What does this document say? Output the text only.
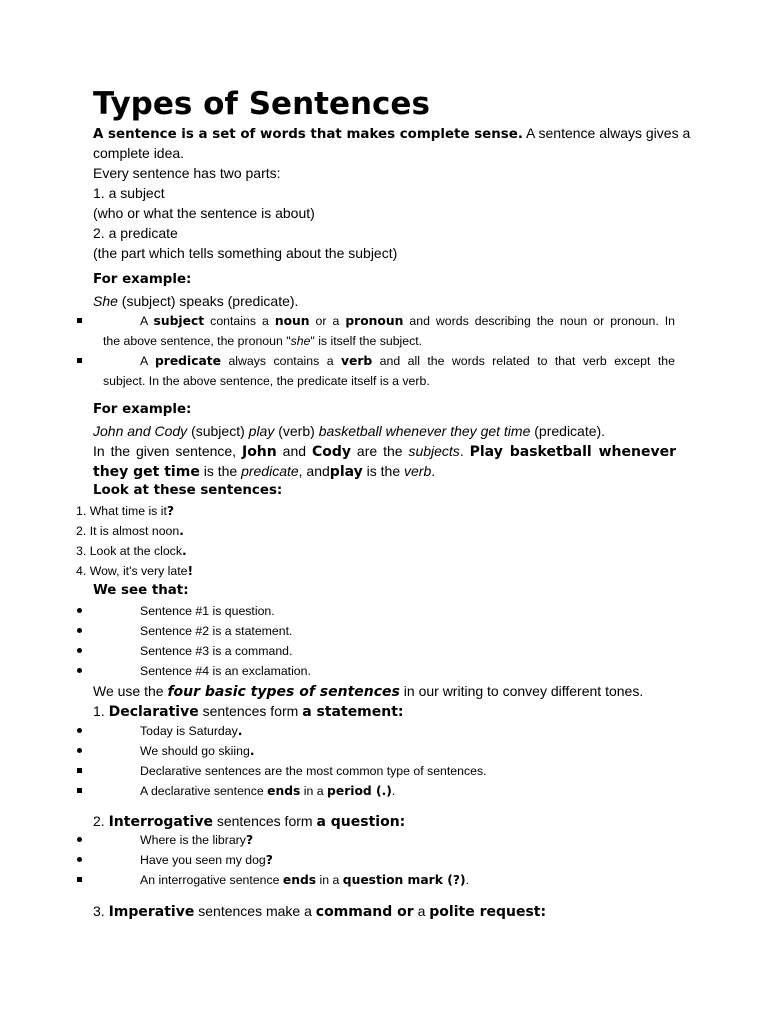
Types of Sentences
A sentence is a set of words that makes complete sense. A sentence always gives a
complete idea.
Every sentence has two parts:
1. a subject
(who or what the sentence is about)
2. a predicate
(the part which tells something about the subject)
For example:
She (subject) speaks (predicate).
A subject contains a noun or a pronoun and words describing the noun or pronoun. In
the above sentence, the pronoun "she" is itself the subject.
A predicate always contains a verb and all the words related to that verb except the
subject. In the above sentence, the predicate itself is a verb.
For example:
John and Cody (subject) play (verb) basketball whenever they get time (predicate).
In the given sentence, John and Cody are the subjects. Play basketball whenever
they get time is the predicate, andplay is the verb.
Look at these sentences:
1. What time is it?
2. It is almost noon.
3. Look at the clock.
4. Wow, it's very late!
We see that:
Sentence #1 is question.
Sentence #2 is a statement.
Sentence #3 is a command.
Sentence #4 is an exclamation.
We use the four basic types of sentences in our writing to convey different tones.
1. Declarative sentences form a statement:
Today is Saturday.
We should go skiing.
Declarative sentences are the most common type of sentences.
A declarative sentence ends in a period (.).
2. Interrogative sentences form a question:
Where is the library?
Have you seen my dog?
An interrogative sentence ends in a question mark (?).
3. Imperative sentences make a command or a polite request:
